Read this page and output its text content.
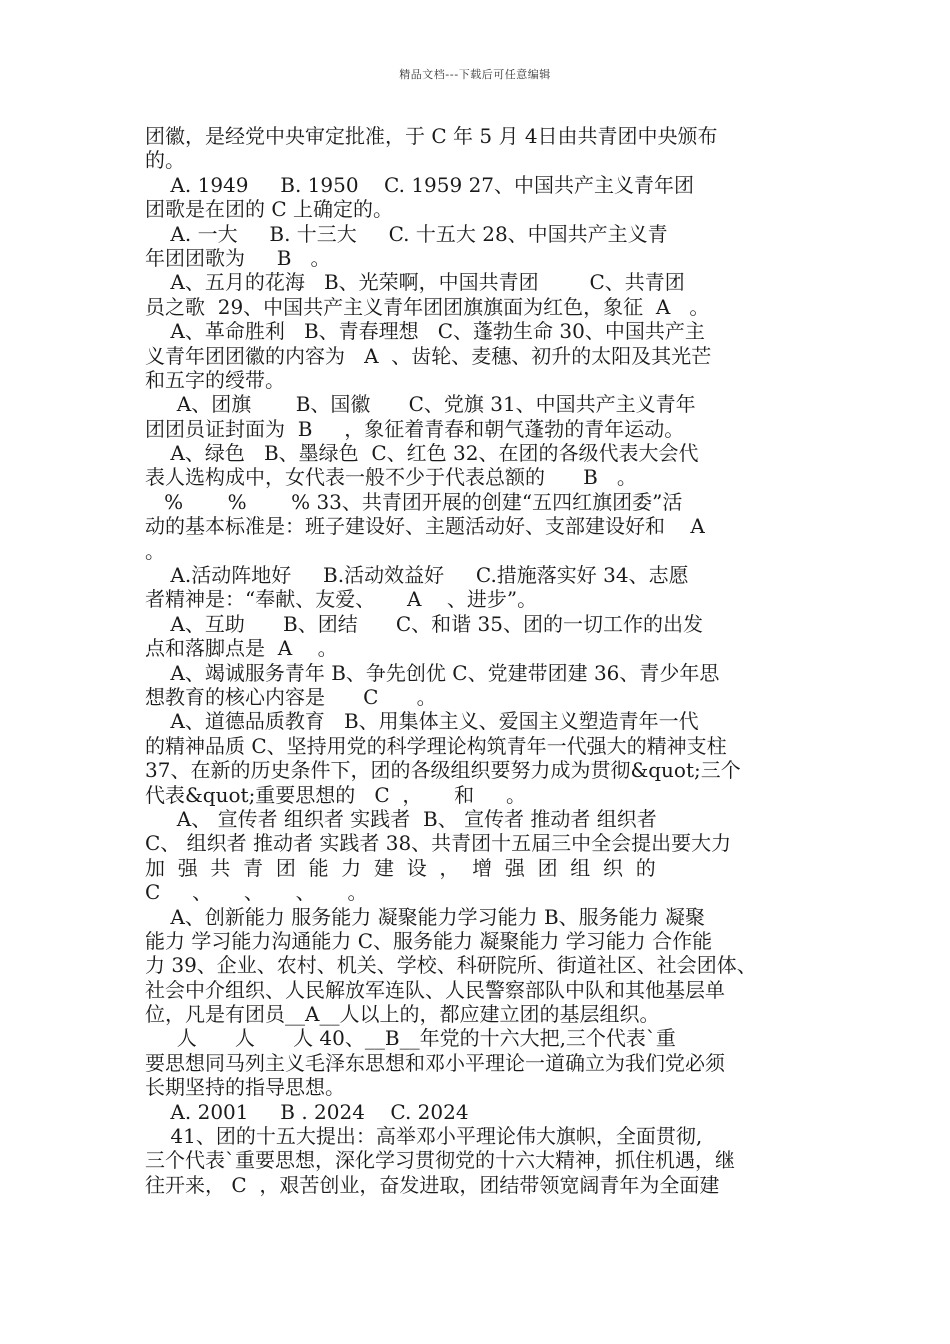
精品文档---下载后可任意编辑
团徽，是经党中央审定批准，于 C 年 5 月 4日由共青团中央颁布
的。
A. 1949     B. 1950    C. 1959 27、中国共产主义青年团
团歌是在团的 C 上确定的。
A. 一大     B. 十三大     C. 十五大 28、中国共产主义青
年团团歌为     B   。
A、五月的花海   B、光荣啊，中国共青团        C、共青团
员之歌  29、中国共产主义青年团团旗旗面为红色，象征  A   。
A、革命胜利   B、青春理想   C、蓬勃生命 30、中国共产主
义青年团团徽的内容为   A  、齿轮、麦穗、初升的太阳及其光芒
和五字的绶带。
A、团旗       B、国徽      C、党旗 31、中国共产主义青年
团团员证封面为  B     ，象征着青春和朝气蓬勃的青年运动。
A、绿色   B、墨绿色  C、红色 32、在团的各级代表大会代
表人选构成中，女代表一般不少于代表总额的      B   。
%       %       % 33、共青团开展的创建“五四红旗团委”活
动的基本标准是：班子建设好、主题活动好、支部建设好和    A
。
A.活动阵地好     B.活动效益好     C.措施落实好 34、志愿
者精神是：“奉献、友爱、     A    、进步”。
A、互助      B、团结      C、和谐 35、团的一切工作的出发
点和落脚点是  A    。
A、竭诚服务青年 B、争先创优 C、党建带团建 36、青少年思
想教育的核心内容是      C      。
A、道德品质教育   B、用集体主义、爱国主义塑造青年一代
的精神品质 C、坚持用党的科学理论构筑青年一代强大的精神支柱
37、在新的历史条件下，团的各级组织要努力成为贯彻&quot;三个
代表&quot;重要思想的   C  ，     和     。
A、 宣传者 组织者 实践者  B、 宣传者 推动者 组织者
C、 组织者 推动者 实践者 38、共青团十五届三中全会提出要大力
加  强  共  青  团  能  力  建  设  ，  增  强  团  组  织  的
C     、     、     、     。
A、创新能力 服务能力 凝聚能力学习能力 B、服务能力 凝聚
能力 学习能力沟通能力 C、服务能力 凝聚能力 学习能力 合作能
力 39、企业、农村、机关、学校、科研院所、街道社区、社会团体、
社会中介组织、人民解放军连队、人民警察部队中队和其他基层单
位，凡是有团员__A__人以上的，都应建立团的基层组织。
人      人      人 40、__B__年党的十六大把,三个代表`重
要思想同马列主义毛泽东思想和邓小平理论一道确立为我们党必须
长期坚持的指导思想。
A. 2001     B . 2024    C. 2024
41、团的十五大提出：高举邓小平理论伟大旗帜，全面贯彻,
三个代表`重要思想，深化学习贯彻党的十六大精神，抓住机遇，继
往开来， C  ，艰苦创业，奋发进取，团结带领宽阔青年为全面建
